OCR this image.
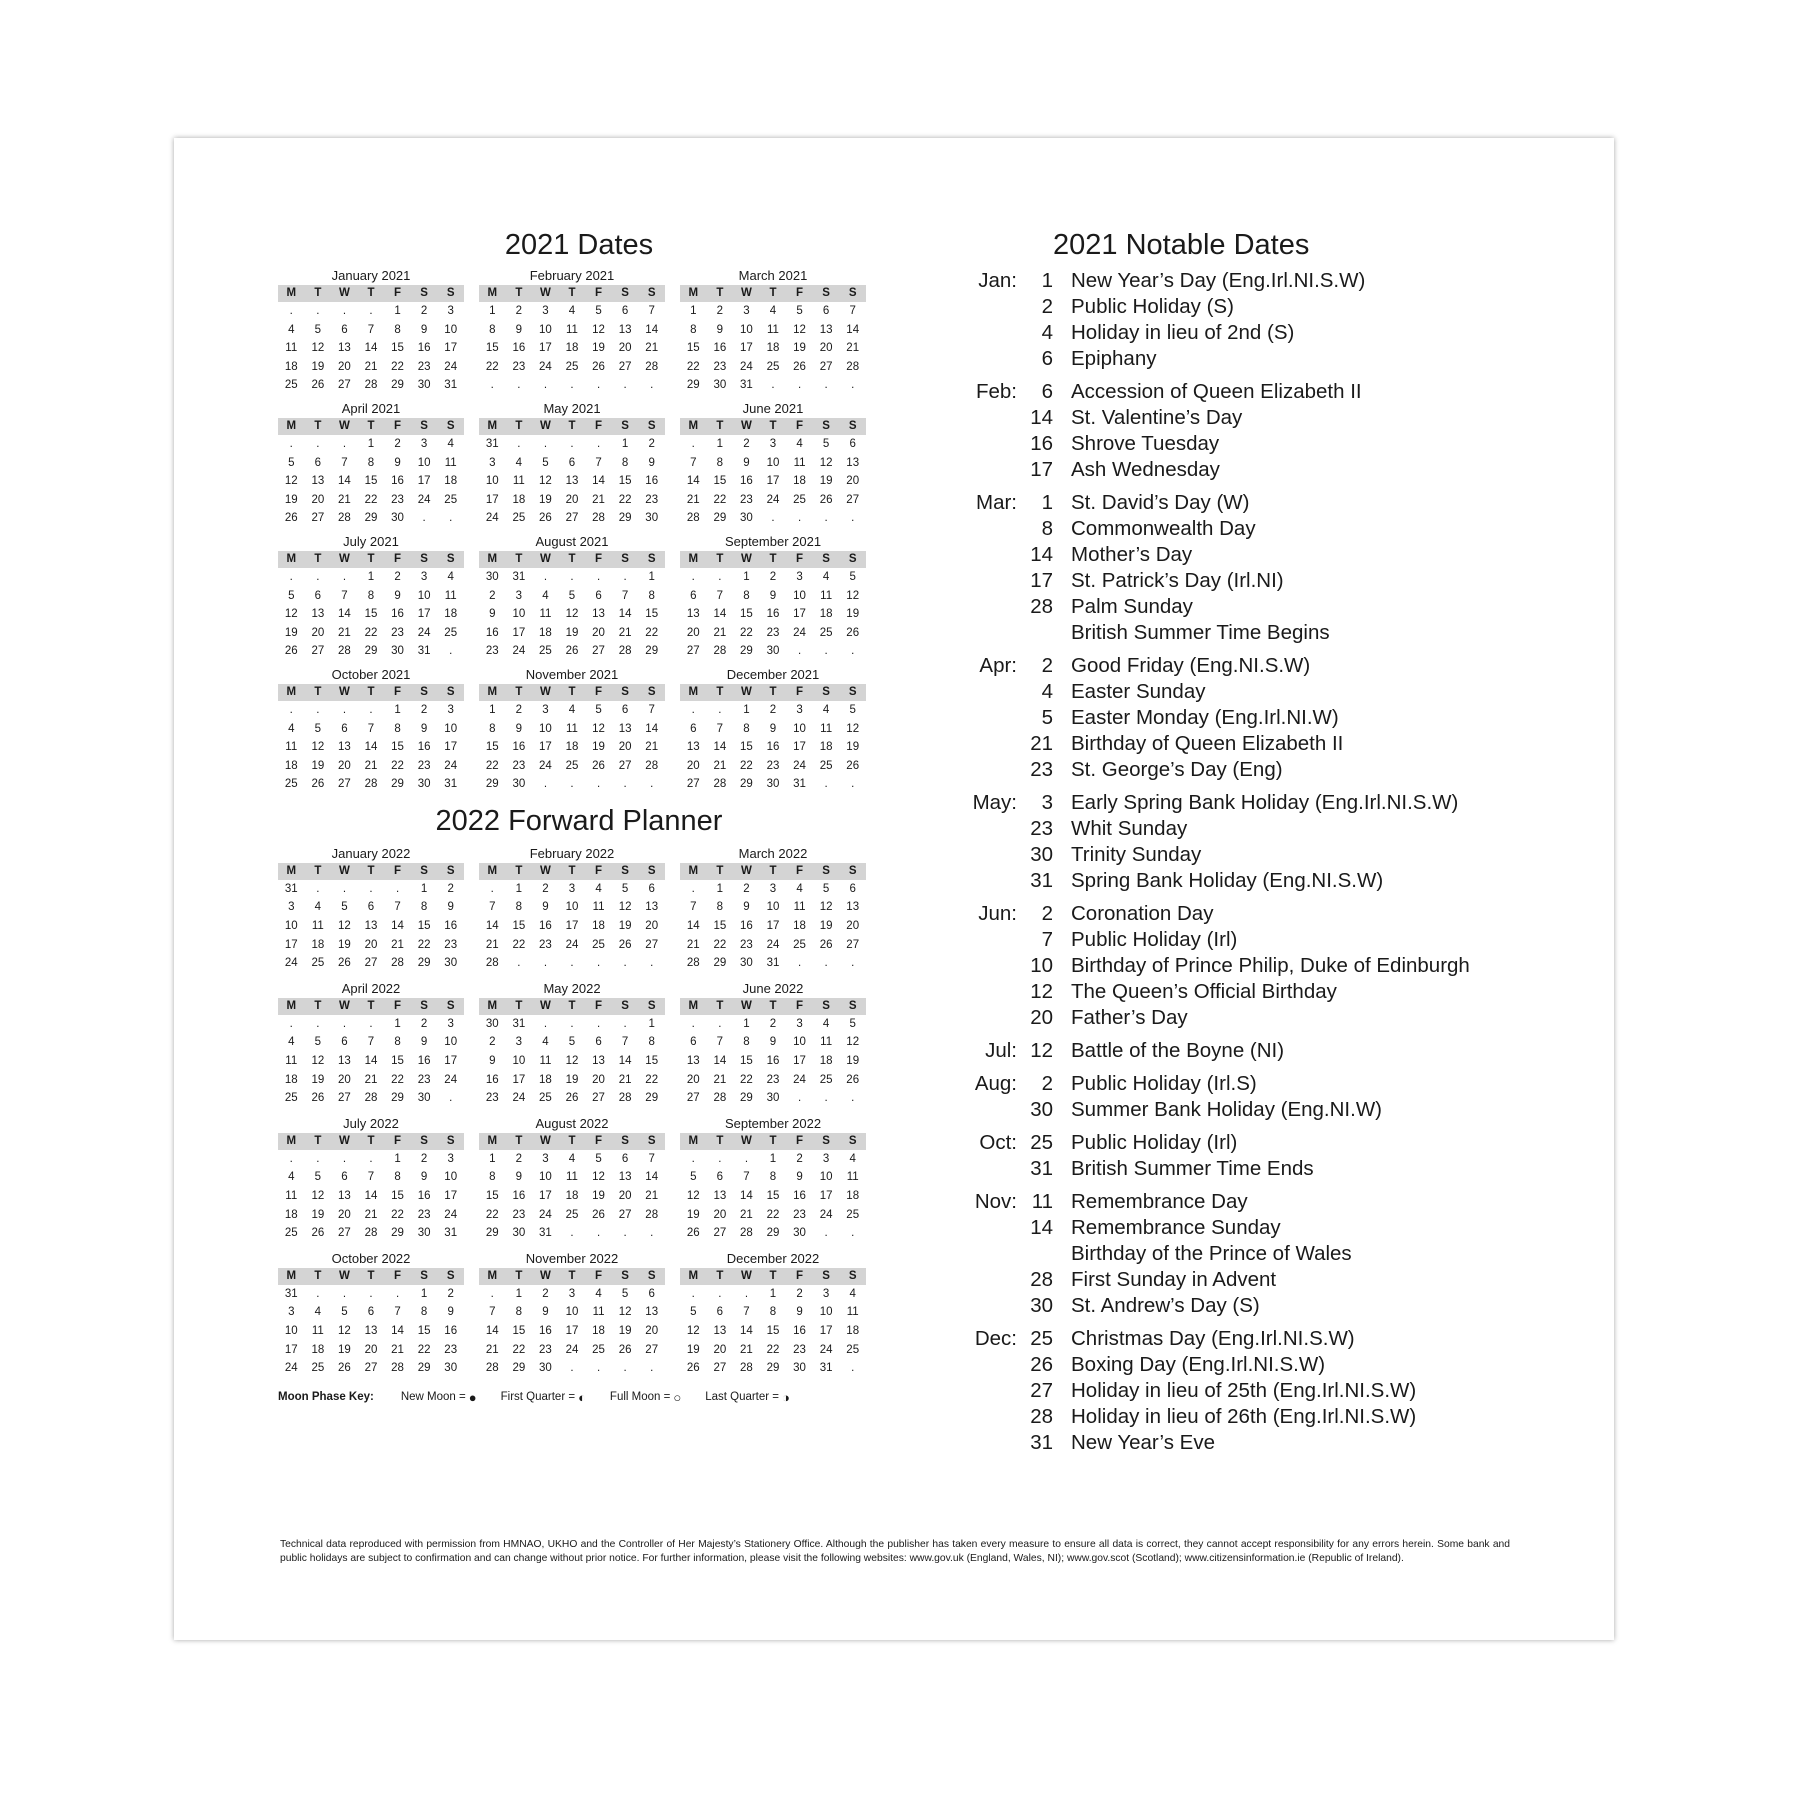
2021 Dates
January 2021
M	T	W	T	F	S	S
.	.	.	.	1	2	3
4	5	6	7	8	9	10
11	12	13	14	15	16	17
18	19	20	21	22	23	24
25	26	27	28	29	30	31
February 2021
M	T	W	T	F	S	S
1	2	3	4	5	6	7
8	9	10	11	12	13	14
15	16	17	18	19	20	21
22	23	24	25	26	27	28
.	.	.	.	.	.	.
March 2021
M	T	W	T	F	S	S
1	2	3	4	5	6	7
8	9	10	11	12	13	14
15	16	17	18	19	20	21
22	23	24	25	26	27	28
29	30	31	.	.	.	.
April 2021
M	T	W	T	F	S	S
.	.	.	1	2	3	4
5	6	7	8	9	10	11
12	13	14	15	16	17	18
19	20	21	22	23	24	25
26	27	28	29	30	.	.
May 2021
M	T	W	T	F	S	S
31	.	.	.	.	1	2
3	4	5	6	7	8	9
10	11	12	13	14	15	16
17	18	19	20	21	22	23
24	25	26	27	28	29	30
June 2021
M	T	W	T	F	S	S
.	1	2	3	4	5	6
7	8	9	10	11	12	13
14	15	16	17	18	19	20
21	22	23	24	25	26	27
28	29	30	.	.	.	.
July 2021
M	T	W	T	F	S	S
.	.	.	1	2	3	4
5	6	7	8	9	10	11
12	13	14	15	16	17	18
19	20	21	22	23	24	25
26	27	28	29	30	31	.
August 2021
M	T	W	T	F	S	S
30	31	.	.	.	.	1
2	3	4	5	6	7	8
9	10	11	12	13	14	15
16	17	18	19	20	21	22
23	24	25	26	27	28	29
September 2021
M	T	W	T	F	S	S
.	.	1	2	3	4	5
6	7	8	9	10	11	12
13	14	15	16	17	18	19
20	21	22	23	24	25	26
27	28	29	30	.	.	.
October 2021
M	T	W	T	F	S	S
.	.	.	.	1	2	3
4	5	6	7	8	9	10
11	12	13	14	15	16	17
18	19	20	21	22	23	24
25	26	27	28	29	30	31
November 2021
M	T	W	T	F	S	S
1	2	3	4	5	6	7
8	9	10	11	12	13	14
15	16	17	18	19	20	21
22	23	24	25	26	27	28
29	30	.	.	.	.	.
December 2021
M	T	W	T	F	S	S
.	.	1	2	3	4	5
6	7	8	9	10	11	12
13	14	15	16	17	18	19
20	21	22	23	24	25	26
27	28	29	30	31	.	.
2022 Forward Planner
January 2022
M	T	W	T	F	S	S
31	.	.	.	.	1	2
3	4	5	6	7	8	9
10	11	12	13	14	15	16
17	18	19	20	21	22	23
24	25	26	27	28	29	30
February 2022
M	T	W	T	F	S	S
.	1	2	3	4	5	6
7	8	9	10	11	12	13
14	15	16	17	18	19	20
21	22	23	24	25	26	27
28	.	.	.	.	.	.
March 2022
M	T	W	T	F	S	S
.	1	2	3	4	5	6
7	8	9	10	11	12	13
14	15	16	17	18	19	20
21	22	23	24	25	26	27
28	29	30	31	.	.	.
April 2022
M	T	W	T	F	S	S
.	.	.	.	1	2	3
4	5	6	7	8	9	10
11	12	13	14	15	16	17
18	19	20	21	22	23	24
25	26	27	28	29	30	.
May 2022
M	T	W	T	F	S	S
30	31	.	.	.	.	1
2	3	4	5	6	7	8
9	10	11	12	13	14	15
16	17	18	19	20	21	22
23	24	25	26	27	28	29
June 2022
M	T	W	T	F	S	S
.	.	1	2	3	4	5
6	7	8	9	10	11	12
13	14	15	16	17	18	19
20	21	22	23	24	25	26
27	28	29	30	.	.	.
July 2022
M	T	W	T	F	S	S
.	.	.	.	1	2	3
4	5	6	7	8	9	10
11	12	13	14	15	16	17
18	19	20	21	22	23	24
25	26	27	28	29	30	31
August 2022
M	T	W	T	F	S	S
1	2	3	4	5	6	7
8	9	10	11	12	13	14
15	16	17	18	19	20	21
22	23	24	25	26	27	28
29	30	31	.	.	.	.
September 2022
M	T	W	T	F	S	S
.	.	.	1	2	3	4
5	6	7	8	9	10	11
12	13	14	15	16	17	18
19	20	21	22	23	24	25
26	27	28	29	30	.	.
October 2022
M	T	W	T	F	S	S
31	.	.	.	.	1	2
3	4	5	6	7	8	9
10	11	12	13	14	15	16
17	18	19	20	21	22	23
24	25	26	27	28	29	30
November 2022
M	T	W	T	F	S	S
.	1	2	3	4	5	6
7	8	9	10	11	12	13
14	15	16	17	18	19	20
21	22	23	24	25	26	27
28	29	30	.	.	.	.
December 2022
M	T	W	T	F	S	S
.	.	.	1	2	3	4
5	6	7	8	9	10	11
12	13	14	15	16	17	18
19	20	21	22	23	24	25
26	27	28	29	30	31	.
Moon Phase Key: New Moon = ● First Quarter = ◐ Full Moon = ○ Last Quarter = ◑
2021 Notable Dates
Jan:	1 New Year’s Day (Eng.Irl.NI.S.W)
2 Public Holiday (S)
4 Holiday in lieu of 2nd (S)
6 Epiphany
Feb:	6 Accession of Queen Elizabeth II
14 St. Valentine’s Day
16 Shrove Tuesday
17 Ash Wednesday
Mar:	1 St. David’s Day (W)
8 Commonwealth Day
14 Mother’s Day
17 St. Patrick’s Day (Irl.NI)
28 Palm Sunday
British Summer Time Begins
Apr:	2 Good Friday (Eng.NI.S.W)
4 Easter Sunday
5 Easter Monday (Eng.Irl.NI.W)
21 Birthday of Queen Elizabeth II
23 St. George’s Day (Eng)
May:	3 Early Spring Bank Holiday (Eng.Irl.NI.S.W)
23 Whit Sunday
30 Trinity Sunday
31 Spring Bank Holiday (Eng.NI.S.W)
Jun:	2 Coronation Day
7 Public Holiday (Irl)
10 Birthday of Prince Philip, Duke of Edinburgh
12 The Queen’s Official Birthday
20 Father’s Day
Jul: 12 Battle of the Boyne (NI)
Aug:	2 Public Holiday (Irl.S)
30 Summer Bank Holiday (Eng.NI.W)
Oct: 25 Public Holiday (Irl)
31 British Summer Time Ends
Nov: 11 Remembrance Day
14 Remembrance Sunday
Birthday of the Prince of Wales
28 First Sunday in Advent
30 St. Andrew’s Day (S)
Dec: 25 Christmas Day (Eng.Irl.NI.S.W)
26 Boxing Day (Eng.Irl.NI.S.W)
27 Holiday in lieu of 25th (Eng.Irl.NI.S.W)
28 Holiday in lieu of 26th (Eng.Irl.NI.S.W)
31 New Year’s Eve
Technical data reproduced with permission from HMNAO, UKHO and the Controller of Her Majesty’s Stationery Office. Although the publisher has taken every measure to ensure all data is correct, they cannot accept responsibility for any errors herein. Some bank and public holidays are subject to confirmation and can change without prior notice. For further information, please visit the following websites: www.gov.uk (England, Wales, NI); www.gov.scot (Scotland); www.citizensinformation.ie (Republic of Ireland).
